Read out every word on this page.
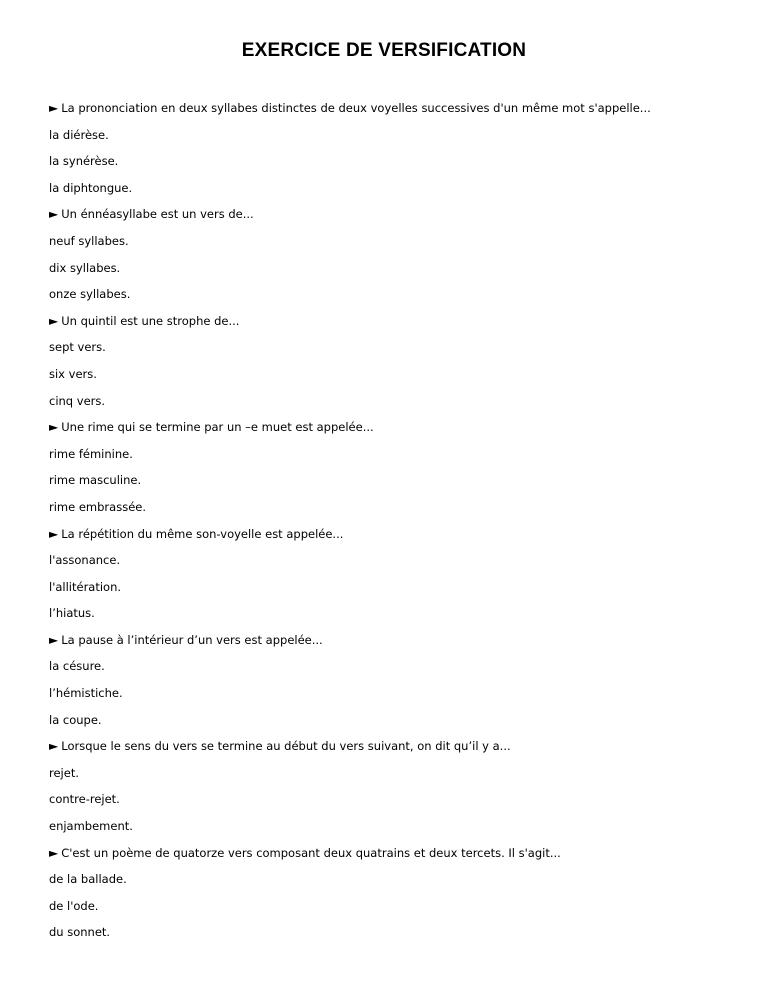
EXERCICE DE VERSIFICATION
► La prononciation en deux syllabes distinctes de deux voyelles successives d'un même mot s'appelle...
la diérèse.
la synérèse.
la diphtongue.
► Un énnéasyllabe est un vers de...
neuf syllabes.
dix syllabes.
onze syllabes.
► Un quintil est une strophe de...
sept vers.
six vers.
cinq vers.
► Une rime qui se termine par un –e muet est appelée...
rime féminine.
rime masculine.
rime embrassée.
► La répétition du même son-voyelle est appelée...
l'assonance.
l'allitération.
l’hiatus.
► La pause à l’intérieur d’un vers est appelée...
la césure.
l’hémistiche.
la coupe.
► Lorsque le sens du vers se termine au début du vers suivant, on dit qu’il y a...
rejet.
contre-rejet.
enjambement.
► C'est un poème de quatorze vers composant deux quatrains et deux tercets. Il s'agit...
de la ballade.
de l'ode.
du sonnet.
